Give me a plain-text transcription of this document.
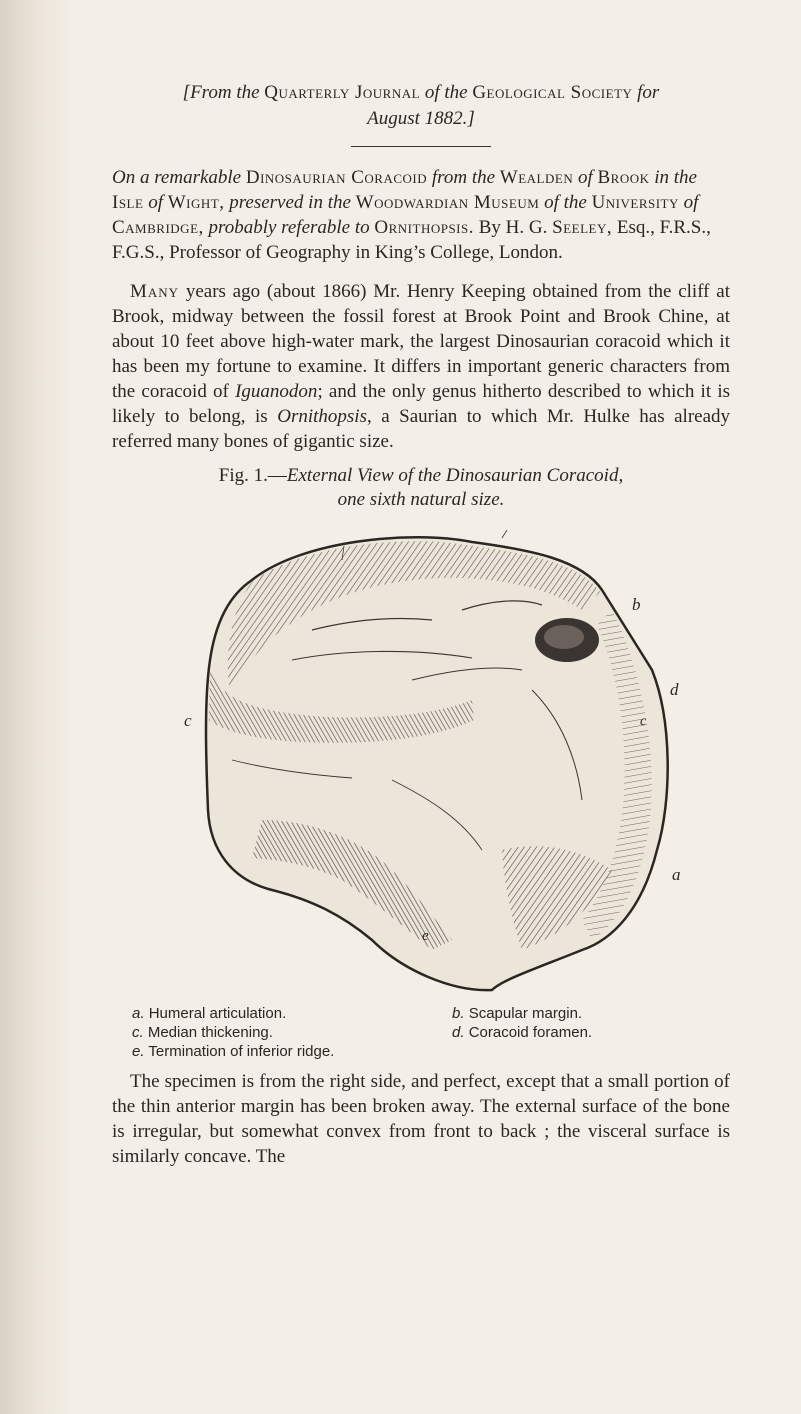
[From the Quarterly Journal of the Geological Society for
August 1882.]
On a remarkable Dinosaurian Coracoid from the Wealden of Brook in the Isle of Wight, preserved in the Woodwardian Museum of the University of Cambridge, probably referable to Ornithopsis. By H. G. Seeley, Esq., F.R.S., F.G.S., Professor of Geography in King’s College, London.
Many years ago (about 1866) Mr. Henry Keeping obtained from the cliff at Brook, midway between the fossil forest at Brook Point and Brook Chine, at about 10 feet above high-water mark, the largest Dinosaurian coracoid which it has been my fortune to examine. It differs in important generic characters from the coracoid of Iguanodon; and the only genus hitherto described to which it is likely to belong, is Ornithopsis, a Saurian to which Mr. Hulke has already referred many bones of gigantic size.
Fig. 1.—External View of the Dinosaurian Coracoid,
one sixth natural size.
b
d
c	c
a
e
a. Humeral articulation.	b. Scapular margin.
c. Median thickening.	d. Coracoid foramen.
e. Termination of inferior ridge.
The specimen is from the right side, and perfect, except that a small portion of the thin anterior margin has been broken away. The external surface of the bone is irregular, but somewhat convex from front to back ; the visceral surface is similarly concave. The
